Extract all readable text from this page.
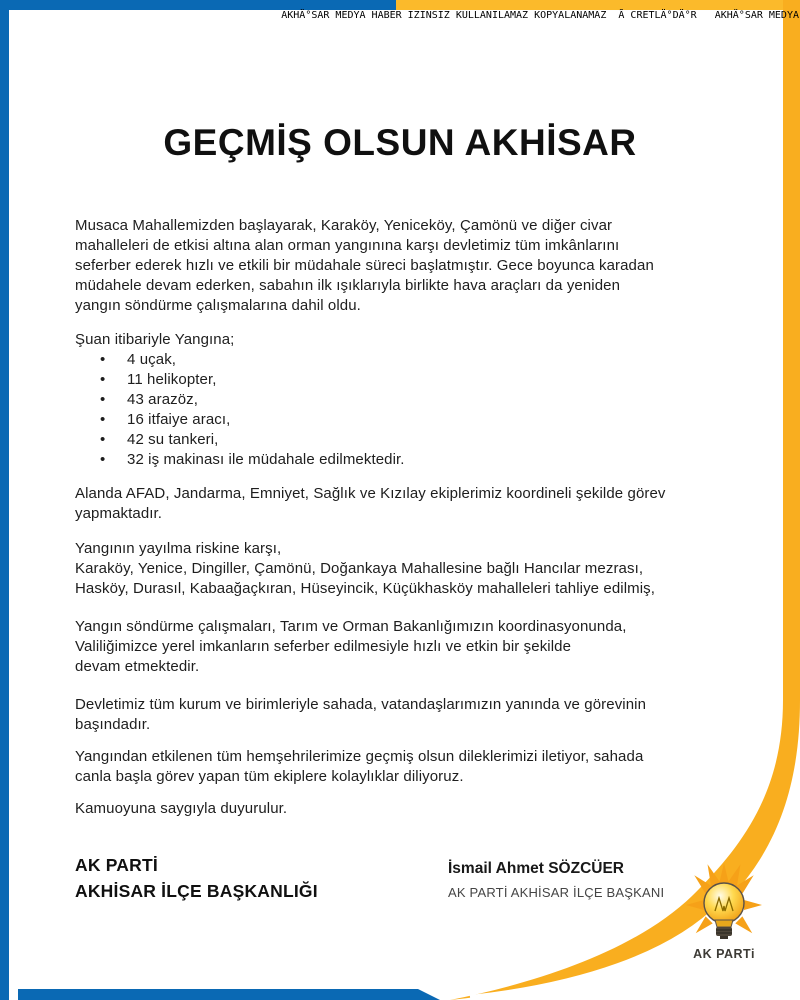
AK PARTi
AKHÄ°SAR MEDYA HABER IZINSIZ KULLANILAMAZ KOPYALANAMAZ  Ã CRETLÄ°DÄ°R   AKHÄ°SAR MEDYA
GEÇMİŞ OLSUN AKHİSAR
Musaca Mahallemizden başlayarak, Karaköy, Yeniceköy, Çamönü ve diğer civar
mahalleleri de etkisi altına alan orman yangınına karşı devletimiz tüm imkânlarını
seferber ederek hızlı ve etkili bir müdahale süreci başlatmıştır. Gece boyunca karadan
müdahele devam ederken, sabahın ilk ışıklarıyla birlikte hava araçları da yeniden
yangın söndürme çalışmalarına dahil oldu.
Şuan itibariyle Yangına;
• 4 uçak,
• 11 helikopter,
• 43 arazöz,
• 16 itfaiye aracı,
• 42 su tankeri,
• 32 iş makinası ile müdahale edilmektedir.
Alanda AFAD, Jandarma, Emniyet, Sağlık ve Kızılay ekiplerimiz koordineli şekilde görev
yapmaktadır.
Yangının yayılma riskine karşı,
Karaköy, Yenice, Dingiller, Çamönü, Doğankaya Mahallesine bağlı Hancılar mezrası,
Hasköy, Durasıl, Kabaağaçkıran, Hüseyincik, Küçükhasköy mahalleleri tahliye edilmiş,
Yangın söndürme çalışmaları, Tarım ve Orman Bakanlığımızın koordinasyonunda,
Valiliğimizce yerel imkanların seferber edilmesiyle hızlı ve etkin bir şekilde
devam etmektedir.
Devletimiz tüm kurum ve birimleriyle sahada, vatandaşlarımızın yanında ve görevinin
başındadır.
Yangından etkilenen tüm hemşehrilerimize geçmiş olsun dileklerimizi iletiyor, sahada
canla başla görev yapan tüm ekiplere kolaylıklar diliyoruz.
Kamuoyuna saygıyla duyurulur.
AK PARTİ
AKHİSAR İLÇE BAŞKANLIĞI
İsmail Ahmet SÖZCÜER
AK PARTİ AKHİSAR İLÇE BAŞKANI
